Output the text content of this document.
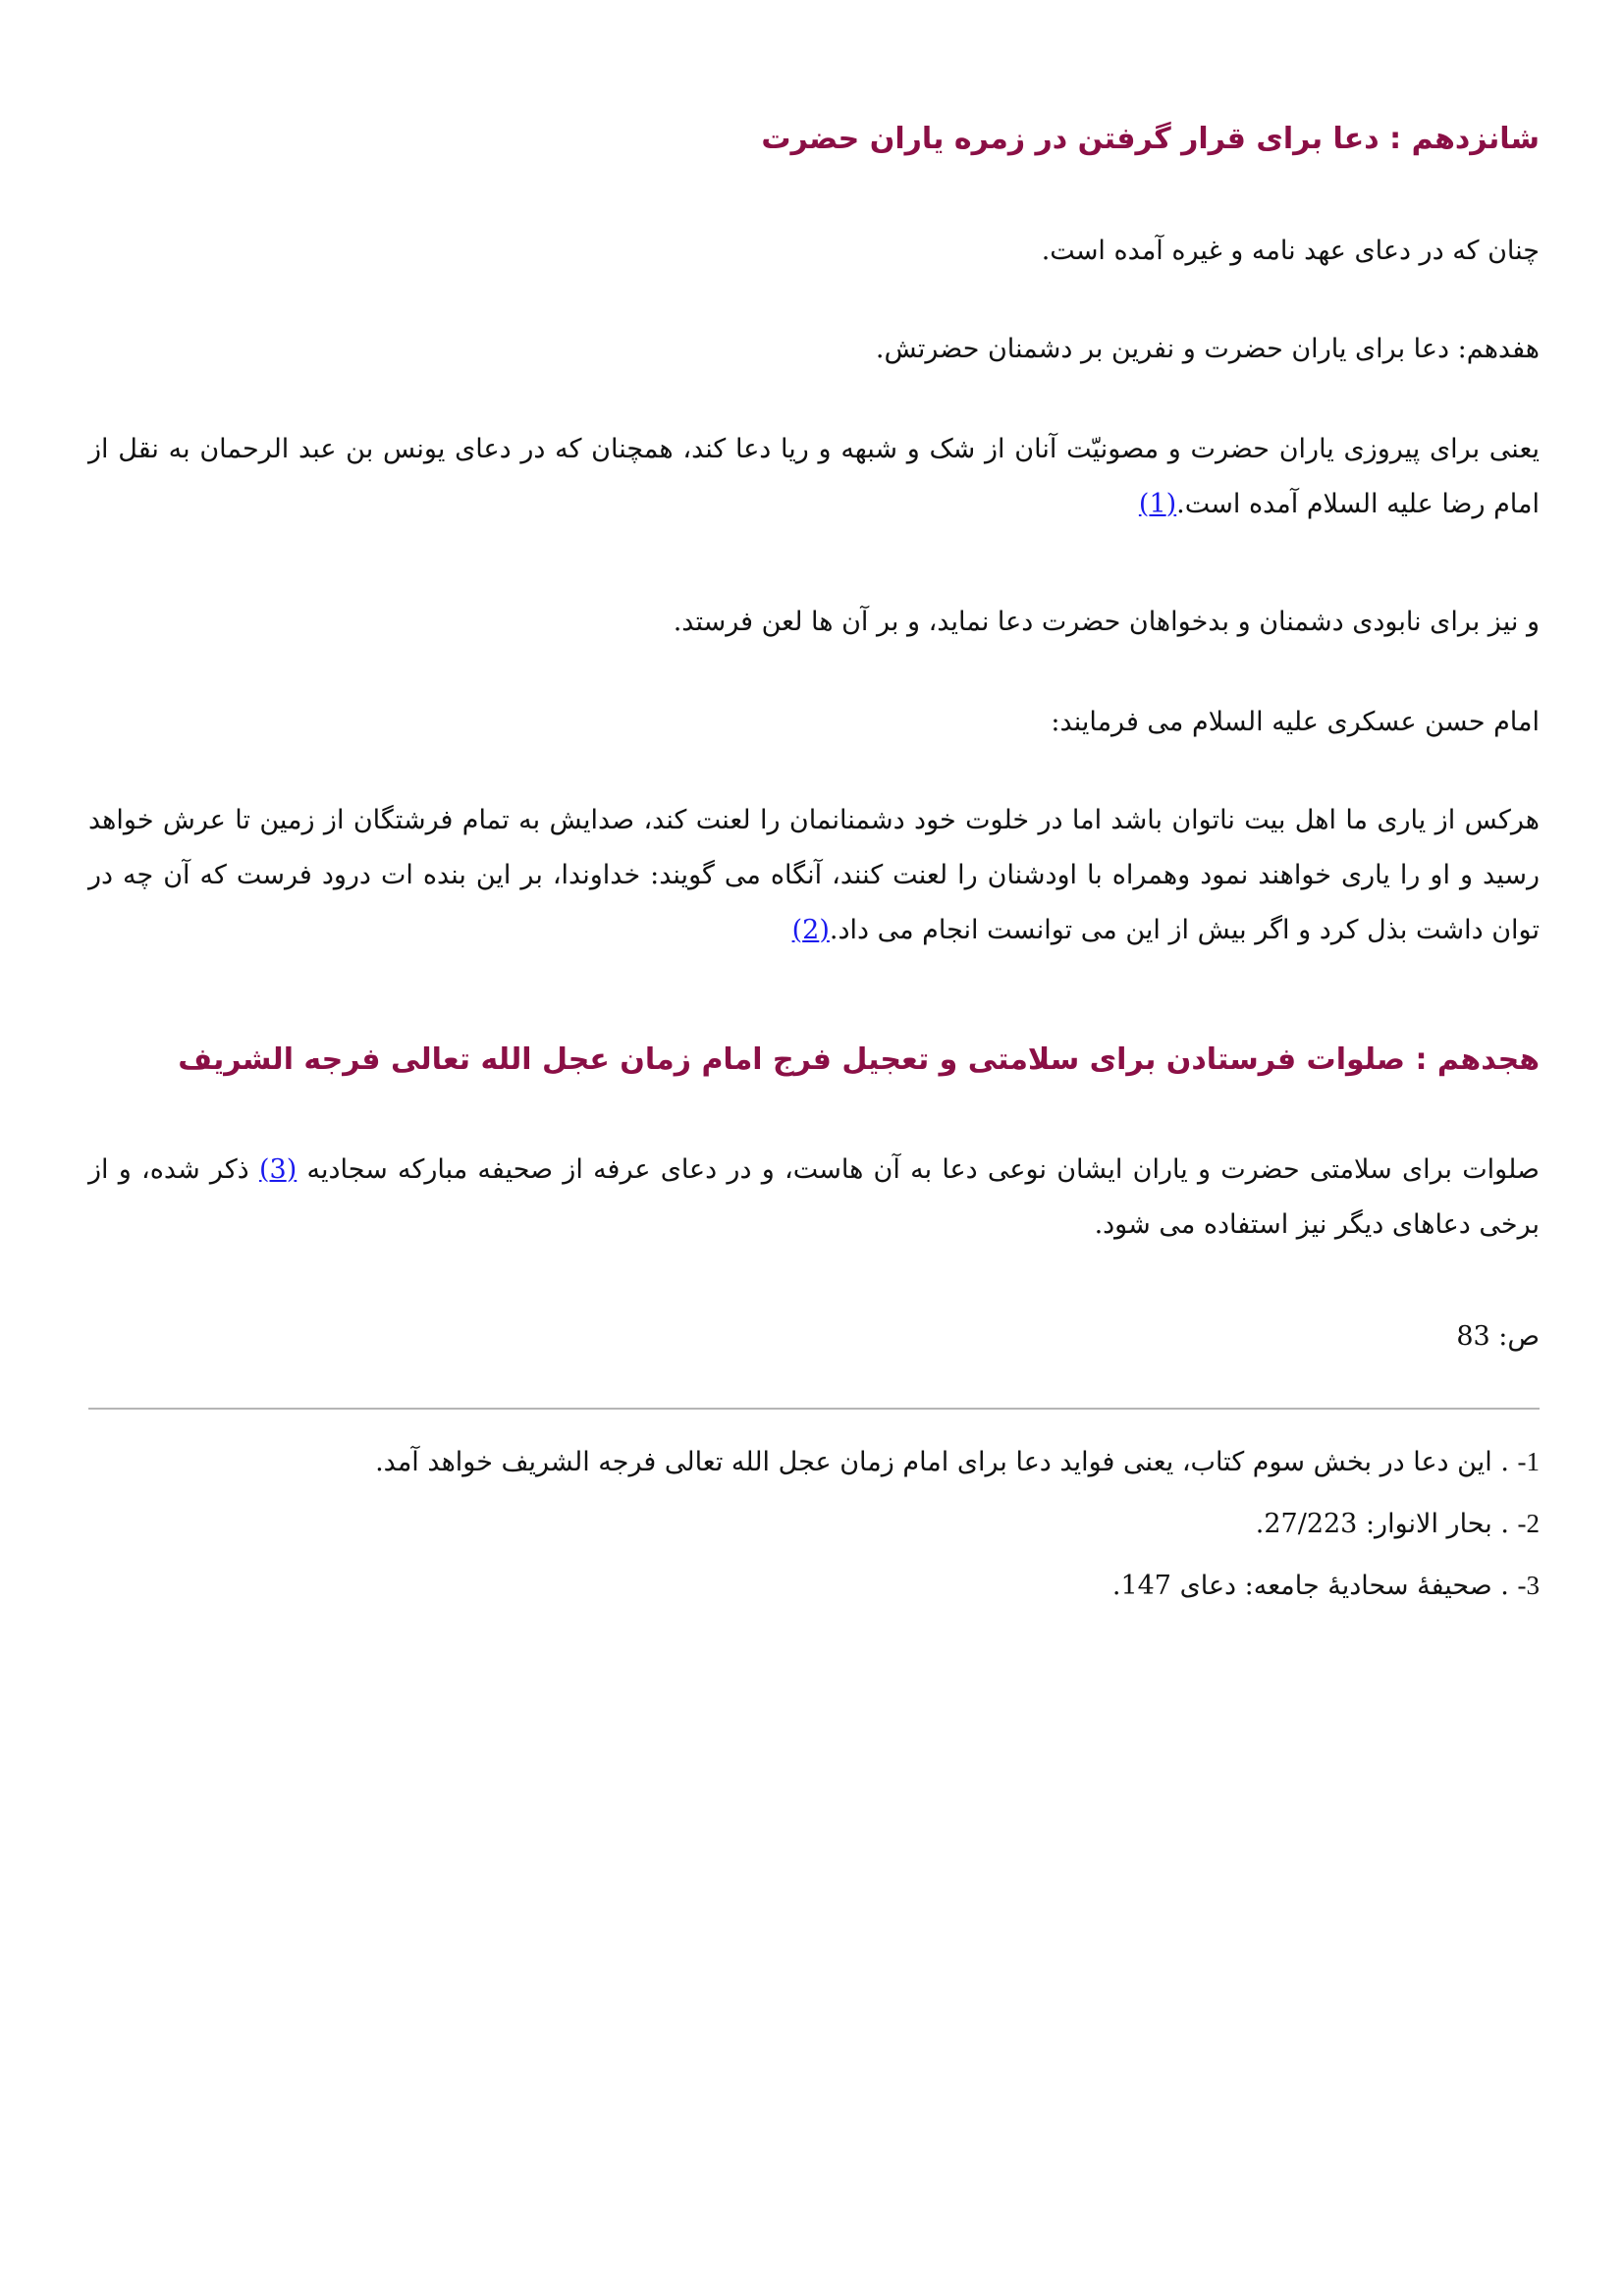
شانزدهم : دعا برای قرار گرفتن در زمره یاران حضرت

چنان که در دعای عهد نامه و غیره آمده است.

هفدهم: دعا برای یاران حضرت و نفرین بر دشمنان حضرتش.

یعنی برای پیروزی یاران حضرت و مصونیّت آنان از شک و شبهه و ریا دعا کند، همچنان که در دعای یونس بن عبد الرحمان به نقل از امام رضا علیه السلام آمده است.(1)

و نیز برای نابودی دشمنان و بدخواهان حضرت دعا نماید، و بر آن ها لعن فرستد.

امام حسن عسکری علیه السلام می فرمایند:

هرکس از یاری ما اهل بیت ناتوان باشد اما در خلوت خود دشمنانمان را لعنت کند، صدایش به تمام فرشتگان از زمین تا عرش خواهد رسید و او را یاری خواهند نمود وهمراه با اودشنان را لعنت کنند، آنگاه می گویند: خداوندا، بر این بنده ات درود فرست که آن چه در توان داشت بذل کرد و اگر بیش از این می توانست انجام می داد.(2)

هجدهم : صلوات فرستادن برای سلامتی و تعجیل فرج امام زمان عجل الله تعالی فرجه الشریف

صلوات برای سلامتی حضرت و یاران ایشان نوعی دعا به آن هاست، و در دعای عرفه از صحیفه مبارکه سجادیه (3) ذکر شده، و از برخی دعاهای دیگر نیز استفاده می شود.

ص: 83

1- . این دعا در بخش سوم کتاب، یعنی فواید دعا برای امام زمان عجل الله تعالی فرجه الشریف خواهد آمد.
2- . بحار الانوار: 27/223.
3- . صحیفهٔ سحادیهٔ جامعه: دعای 147.
